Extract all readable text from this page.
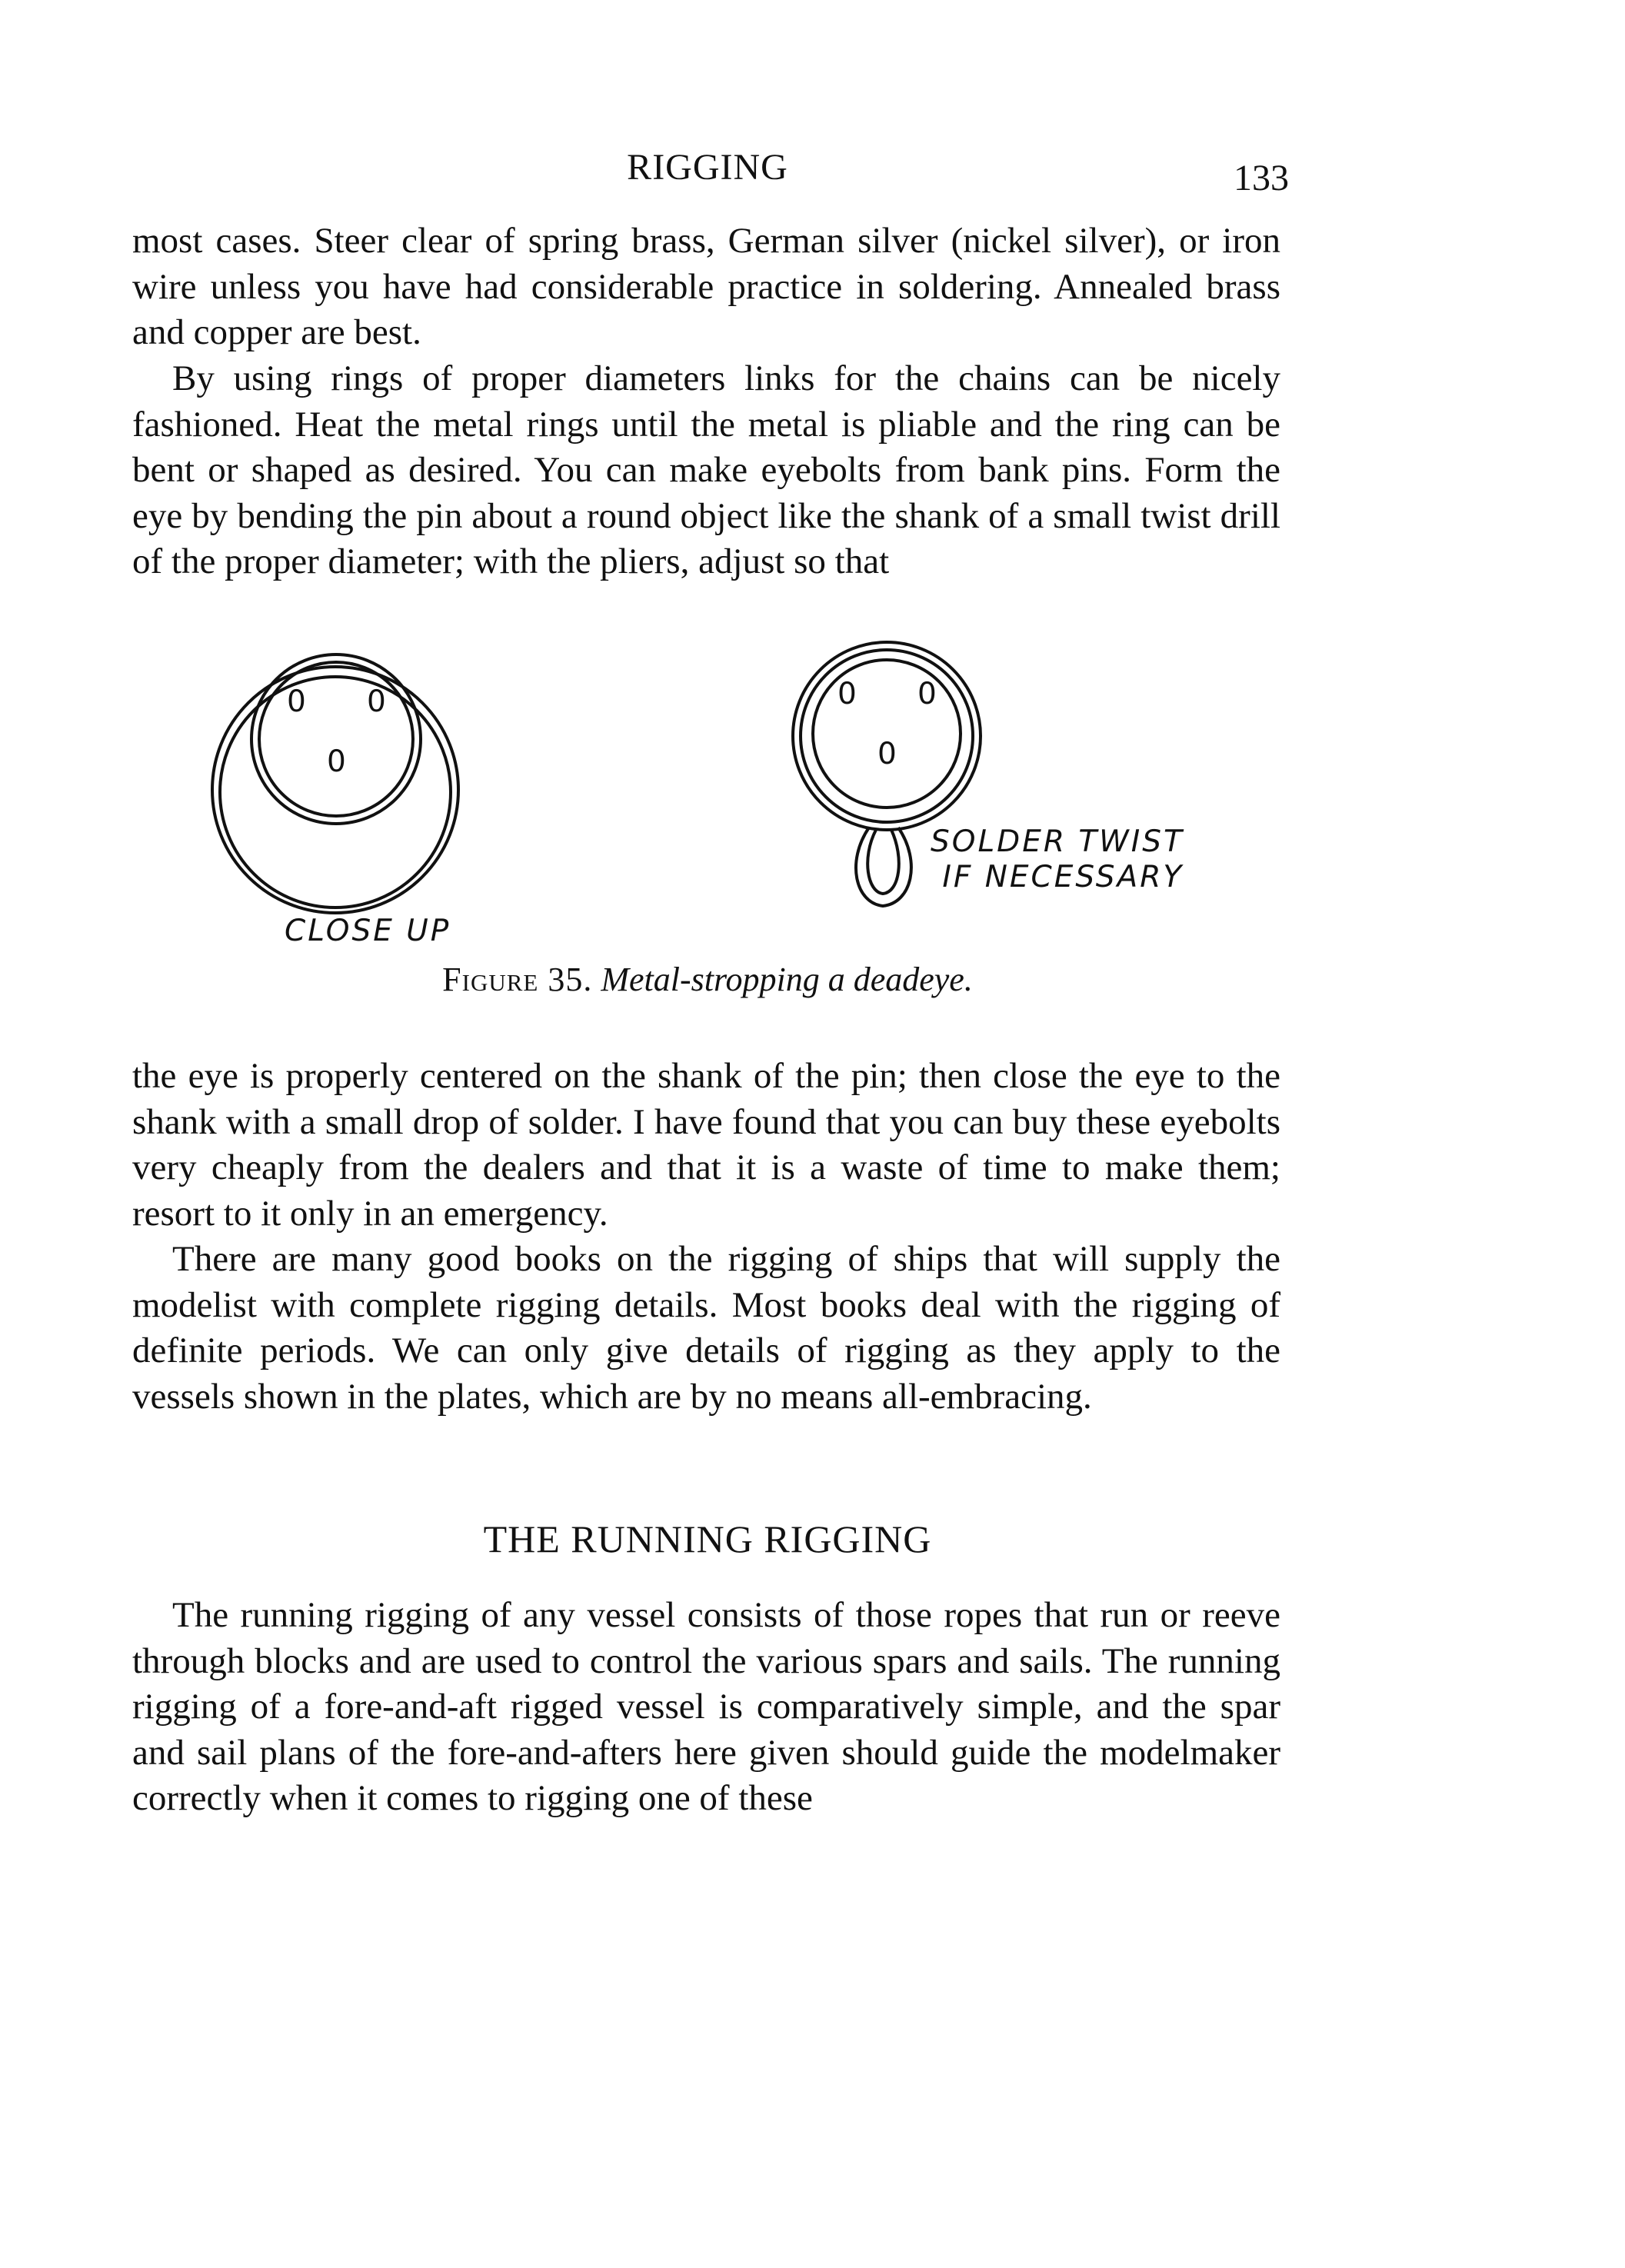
RIGGING	133

most cases. Steer clear of spring brass, German silver (nickel silver), or iron wire unless you have had considerable practice in soldering. Annealed brass and copper are best.

By using rings of proper diameters links for the chains can be nicely fashioned. Heat the metal rings until the metal is pliable and the ring can be bent or shaped as desired. You can make eyebolts from bank pins. Form the eye by bending the pin about a round object like the shank of a small twist drill of the proper diameter; with the pliers, adjust so that

0 0
0
0 0
0
CLOSE UP
SOLDER TWIST
IF NECESSARY
Figure 35. Metal-stropping a deadeye.

the eye is properly centered on the shank of the pin; then close the eye to the shank with a small drop of solder. I have found that you can buy these eyebolts very cheaply from the dealers and that it is a waste of time to make them; resort to it only in an emergency.

There are many good books on the rigging of ships that will supply the modelist with complete rigging details. Most books deal with the rigging of definite periods. We can only give details of rigging as they apply to the vessels shown in the plates, which are by no means all-embracing.

THE RUNNING RIGGING

The running rigging of any vessel consists of those ropes that run or reeve through blocks and are used to control the various spars and sails. The running rigging of a fore-and-aft rigged vessel is comparatively simple, and the spar and sail plans of the fore-and-afters here given should guide the modelmaker correctly when it comes to rigging one of these
